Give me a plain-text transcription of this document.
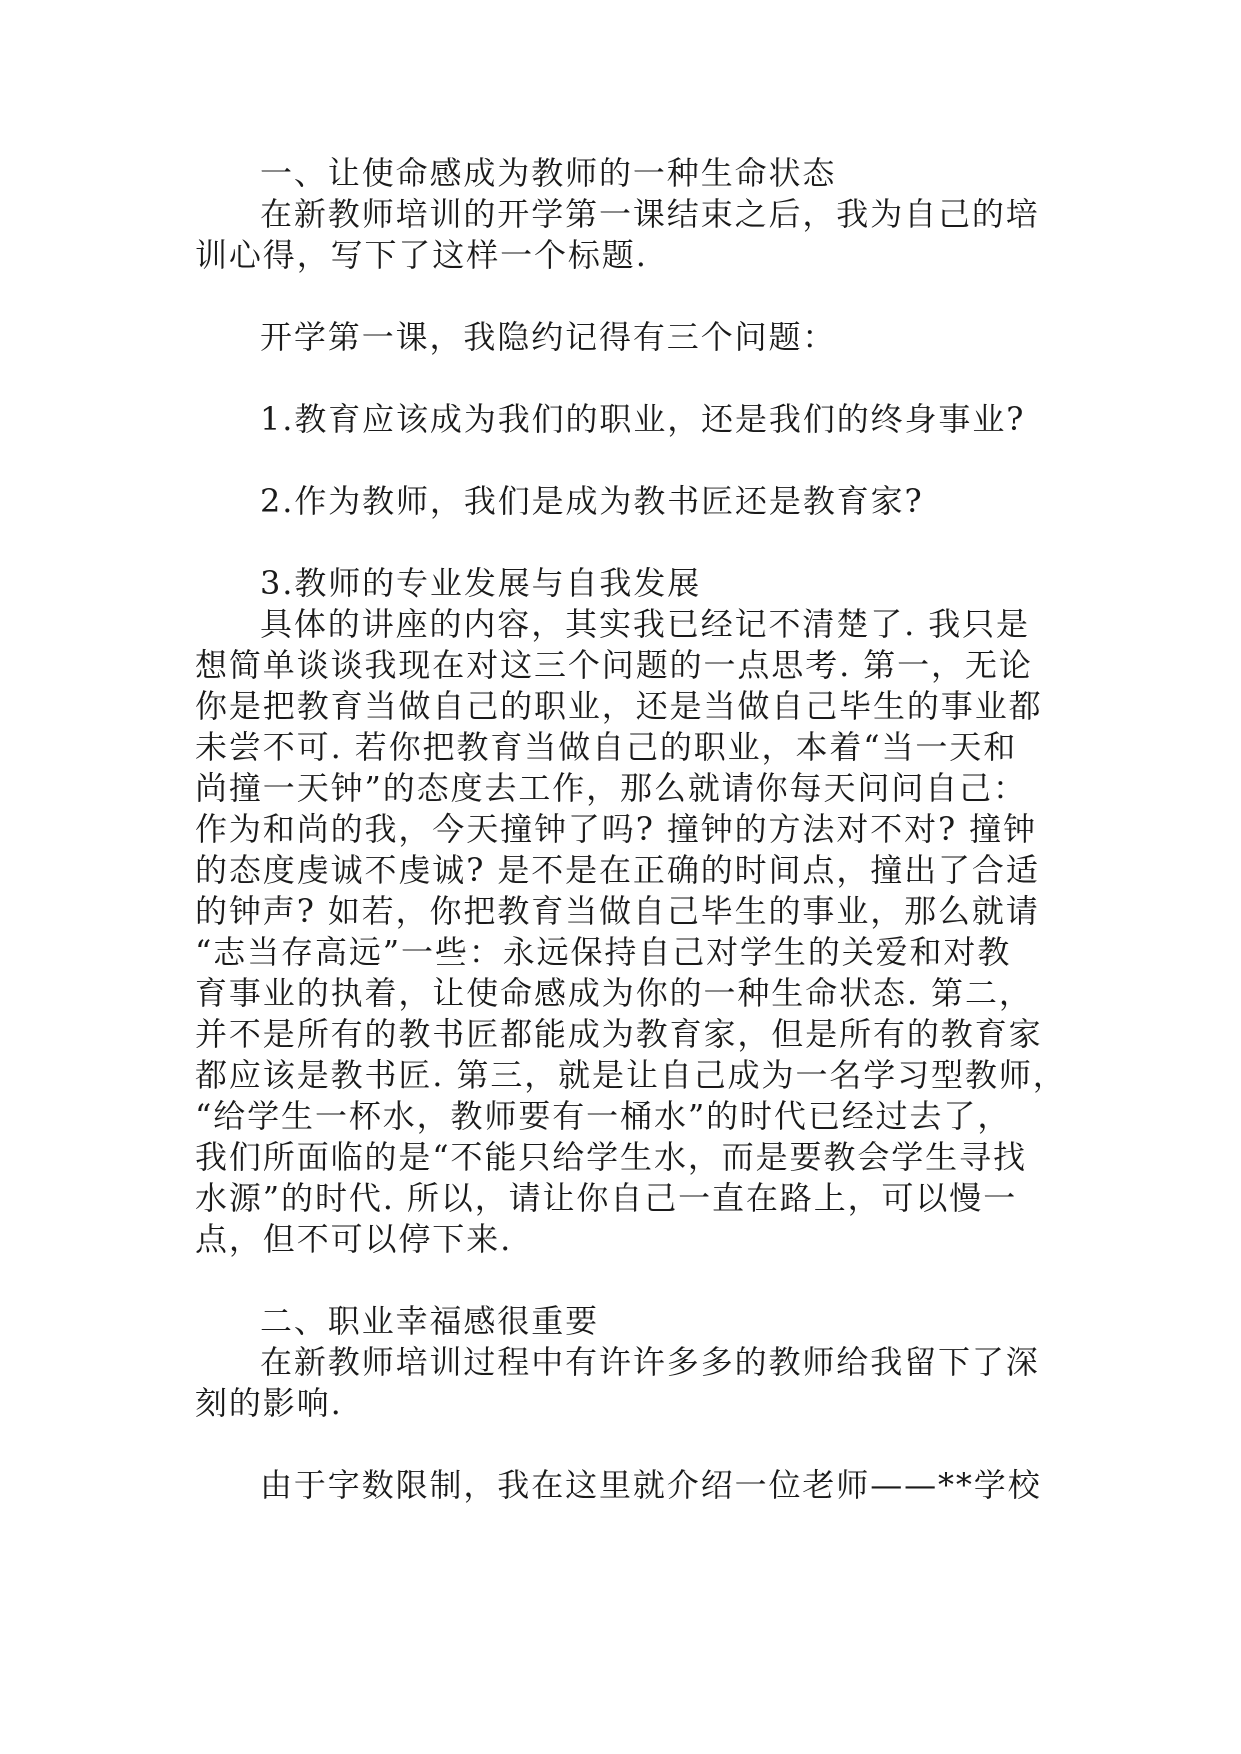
一、让使命感成为教师的一种生命状态
在新教师培训的开学第一课结束之后，我为自己的培
训心得，写下了这样一个标题.
开学第一课，我隐约记得有三个问题：
1.教育应该成为我们的职业，还是我们的终身事业?
2.作为教师，我们是成为教书匠还是教育家?
3.教师的专业发展与自我发展
具体的讲座的内容，其实我已经记不清楚了. 我只是
想简单谈谈我现在对这三个问题的一点思考. 第一，无论
你是把教育当做自己的职业，还是当做自己毕生的事业都
未尝不可. 若你把教育当做自己的职业，本着“当一天和
尚撞一天钟”的态度去工作，那么就请你每天问问自己：
作为和尚的我，今天撞钟了吗? 撞钟的方法对不对? 撞钟
的态度虔诚不虔诚? 是不是在正确的时间点，撞出了合适
的钟声? 如若，你把教育当做自己毕生的事业，那么就请
“志当存高远”一些：永远保持自己对学生的关爱和对教
育事业的执着，让使命感成为你的一种生命状态. 第二，
并不是所有的教书匠都能成为教育家，但是所有的教育家
都应该是教书匠. 第三，就是让自己成为一名学习型教师，
“给学生一杯水，教师要有一桶水”的时代已经过去了，
我们所面临的是“不能只给学生水，而是要教会学生寻找
水源”的时代. 所以，请让你自己一直在路上，可以慢一
点，但不可以停下来.
二、职业幸福感很重要
在新教师培训过程中有许许多多的教师给我留下了深
刻的影响.
由于字数限制，我在这里就介绍一位老师——**学校
